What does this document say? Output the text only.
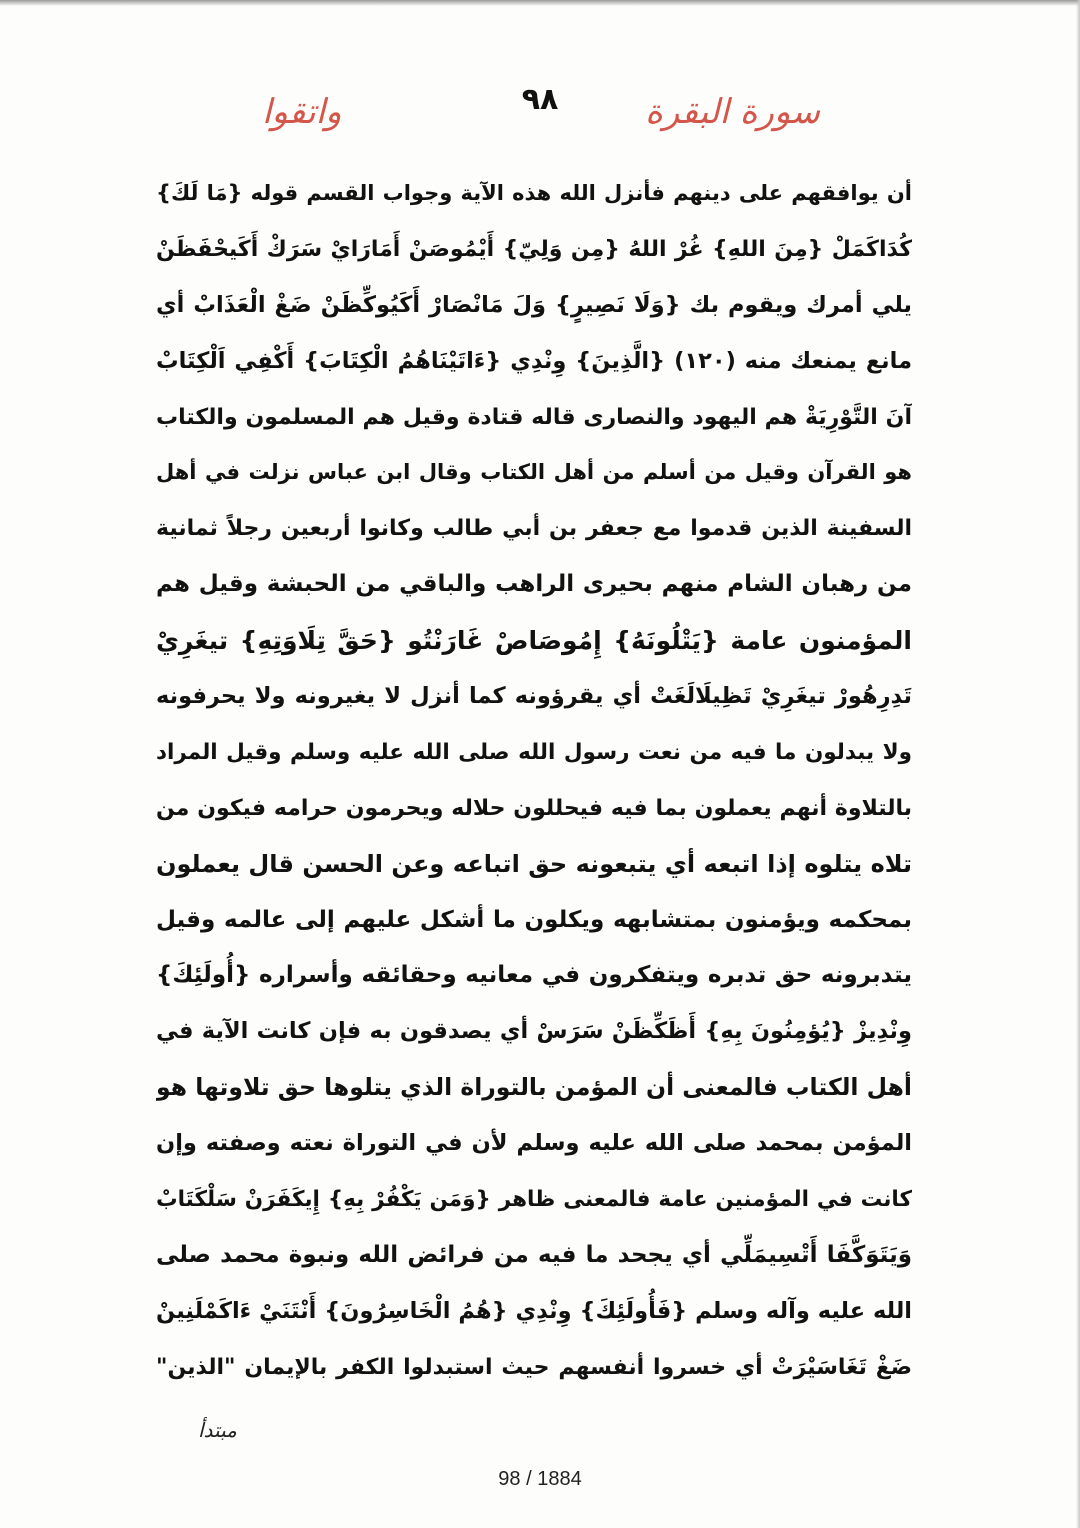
٩٨	سورة البقرة
واتقوا
أن يوافقهم على دينهم فأنزل الله هذه الآية وجواب القسم قوله {مَا لَكَ}
كُدَاكَمَلْ {مِنَ اللهِ} غُرْ اللهُ {مِن وَلِيّ} أَيْمُوصَنْ أَمَارَايْ سَرَكْ أَكَيحْفَظَنْ
يلي أمرك ويقوم بك {وَلَا نَصِيرٍ} وَلَ مَانْصَارْ أَكَيُوكِّظَنْ ضَغْ الْعَذَابْ أي
مانع يمنعك منه (١٢٠) {الَّذِينَ} وِنْدِي {ءَاتَيْنَاهُمُ الْكِتَابَ} أَكْفِي اَلْكِتَابْ
آنَ التَّوْرِيَةْ هم اليهود والنصارى قاله قتادة وقيل هم المسلمون والكتاب
هو القرآن وقيل من أسلم من أهل الكتاب وقال ابن عباس نزلت في أهل
السفينة الذين قدموا مع جعفر بن أبي طالب وكانوا أربعين رجلاً ثمانية
من رهبان الشام منهم بحيرى الراهب والباقي من الحبشة وقيل هم
المؤمنون عامة {يَتْلُونَهُ} إِمُوصَاصْ غَارَنْتُو {حَقَّ تِلَاوَتِهِ} تيغَرِيْ
تَدِرِهُورْ تيغَرِيْ تَظِيلَالَغَتْ أي يقرؤونه كما أنزل لا يغيرونه ولا يحرفونه
ولا يبدلون ما فيه من نعت رسول الله صلى الله عليه وسلم وقيل المراد
بالتلاوة أنهم يعملون بما فيه فيحللون حلاله ويحرمون حرامه فيكون من
تلاه يتلوه إذا اتبعه أي يتبعونه حق اتباعه وعن الحسن قال يعملون
بمحكمه ويؤمنون بمتشابهه ويكلون ما أشكل عليهم إلى عالمه وقيل
يتدبرونه حق تدبره ويتفكرون في معانيه وحقائقه وأسراره {أُولَئِكَ}
وِنْدِيزْ {يُؤمِنُونَ بِهِ} أَظَكِّظَنْ سَرَسْ أي يصدقون به فإن كانت الآية في
أهل الكتاب فالمعنى أن المؤمن بالتوراة الذي يتلوها حق تلاوتها هو
المؤمن بمحمد صلى الله عليه وسلم لأن في التوراة نعته وصفته وإن
كانت في المؤمنين عامة فالمعنى ظاهر {وَمَن يَكْفُرْ بِهِ} إِيكَفَرَنْ سَلْكَتَابْ
وَيَتَوَكَّفَا أَتْسِيمَلِّي أي يجحد ما فيه من فرائض الله ونبوة محمد صلى
الله عليه وآله وسلم {فَأُولَئِكَ} وِنْدِي {هُمُ الْخَاسِرُونَ} أَنْتَنَيْ ءَاكَمْلَنِينْ
ضَغْ تَغَاسَيْرَتْ أي خسروا أنفسهم حيث استبدلوا الكفر بالإيمان "الذين"
مبتدأ
98 / 1884
